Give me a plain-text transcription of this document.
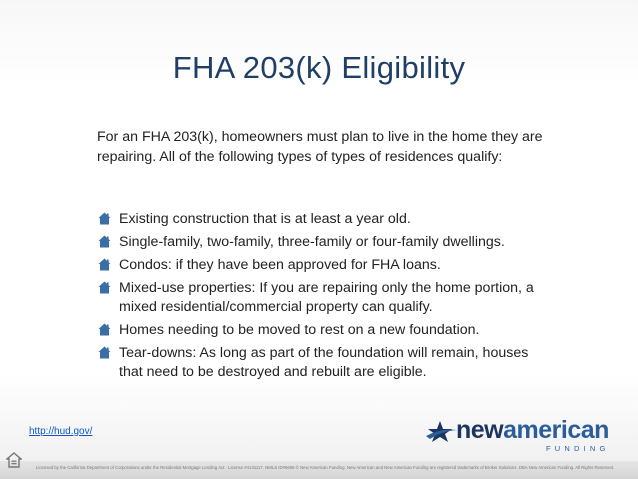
FHA 203(k) Eligibility
For an FHA 203(k), homeowners must plan to live in the home they are repairing. All of the following types of types of residences qualify:
Existing construction that is at least a year old.
Single-family, two-family, three-family or four-family dwellings.
Condos: if they have been approved for FHA loans.
Mixed-use properties: If you are repairing only the home portion, a mixed residential/commercial property can qualify.
Homes needing to be moved to rest on a new foundation.
Tear-downs: As long as part of the foundation will remain, houses that need to be destroyed and rebuilt are eligible.
http://hud.gov/	newamerican
FUNDING
Licensed by the California Department of Corporations under the Residential Mortgage Lending Act · License #4131117. NMLS ID#6606 © New American Funding. New American and New American Funding are registered trademarks of Broker Solutions. DBA New American Funding. All Rights Reserved.
